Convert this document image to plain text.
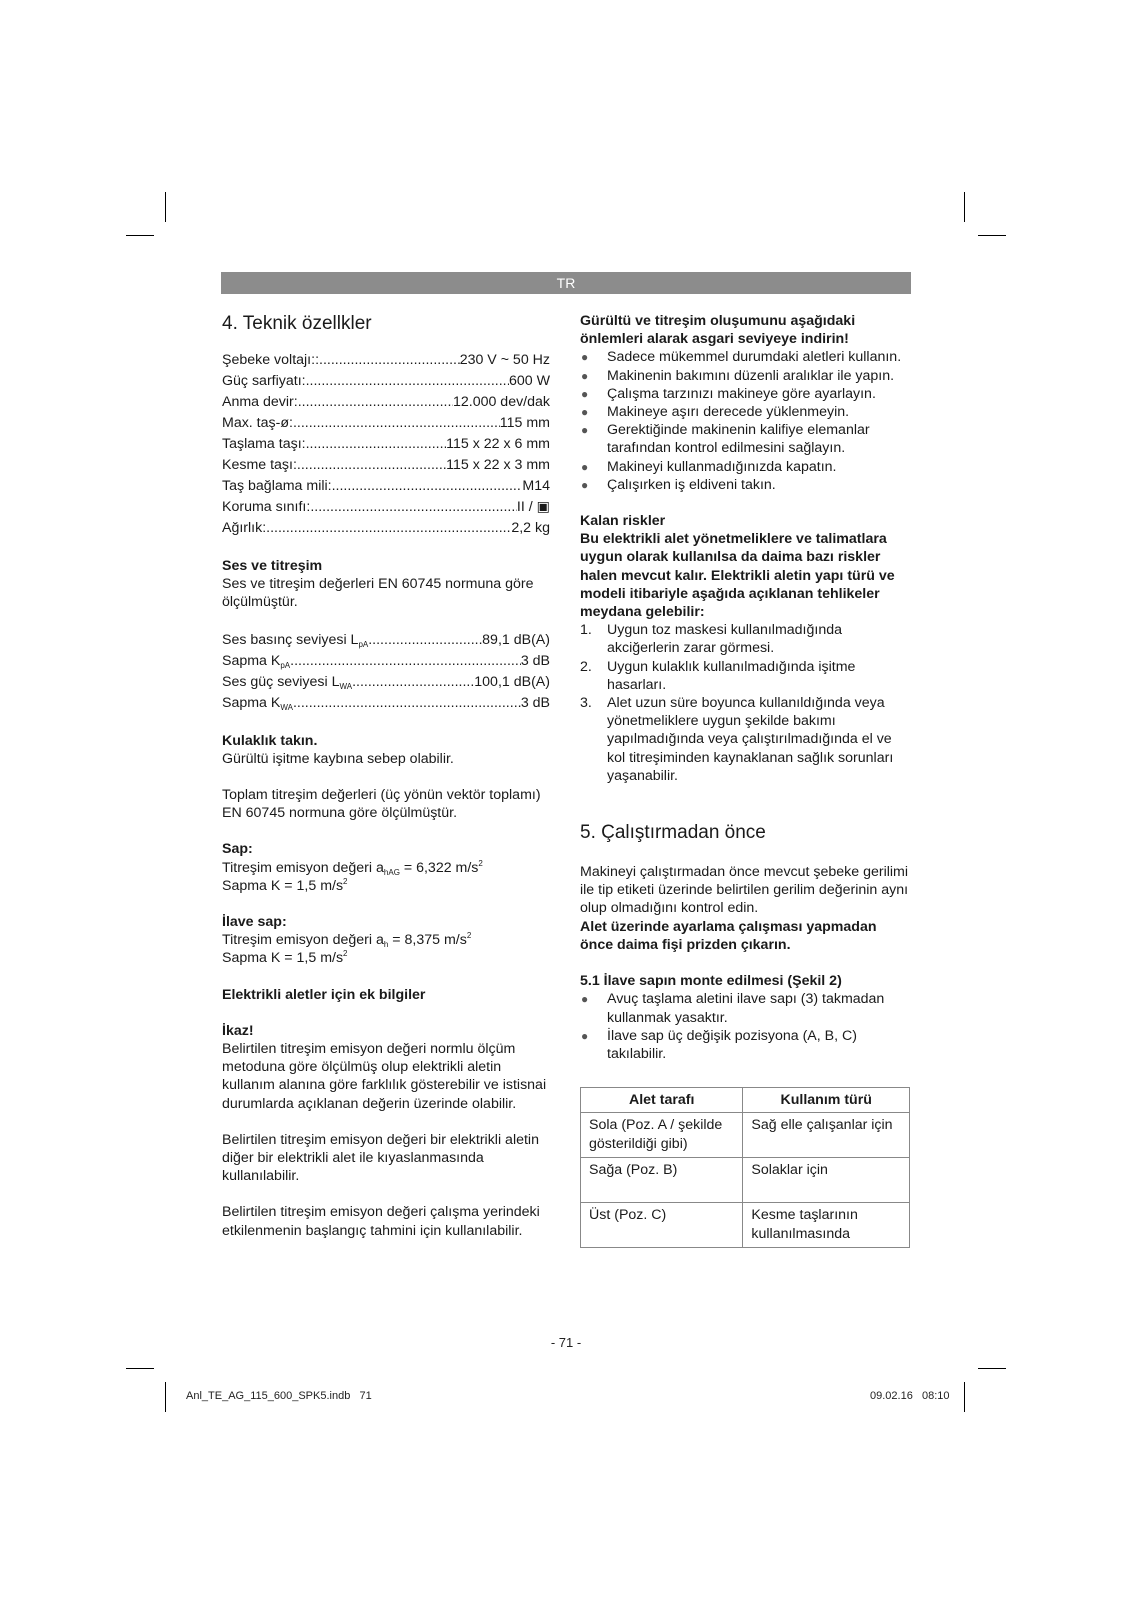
TR
4. Teknik özellkler
Şebeke voltajı:: .....	230 V ~ 50 Hz
Güç sarfiyatı: .....	600 W
Anma devir: .....	12.000 dev/dak
Max. taş-ø: .....	115 mm
Taşlama taşı: .....	115 x 22 x 6 mm
Kesme taşı: .....	115 x 22 x 3 mm
Taş bağlama mili: .....	M14
Koruma sınıfı: .....	II / ▣
Ağırlık: .....	2,2 kg

Ses ve titreşim

Ses ve titreşim değerleri EN 60745 normuna göre ölçülmüştür.

Ses basınç seviyesi $L_{pA}$ .....	89,1 dB(A)
Sapma $K_{pA}$ .....	3 dB
Ses güç seviyesi $L_{WA}$ .....	100,1 dB(A)
Sapma $K_{WA}$ .....	3 dB

Kulaklık takın.

Gürültü işitme kaybına sebep olabilir.

Toplam titreşim değerleri (üç yönün vektör toplamı) EN 60745 normuna göre ölçülmüştür.

Sap:

Titreşim emisyon değeri $a_{hAG} = 6,322$ $m/s^2$

Sapma K = 1,5 $m/s^2$

İlave sap:

Titreşim emisyon değeri $a_h = 8,375$ $m/s^2$

Sapma K = 1,5 $m/s^2$

Elektrikli aletler için ek bilgiler

İkaz!

Belirtilen titreşim emisyon değeri normlu ölçüm metoduna göre ölçülmüş olup elektrikli aletin kullanım alanına göre farklılık gösterebilir ve istisnai durumlarda açıklanan değerin üzerinde olabilir.

Belirtilen titreşim emisyon değeri bir elektrikli aletin diğer bir elektrikli alet ile kıyaslanmasında kullanılabilir.

Belirtilen titreşim emisyon değeri çalışma yerindeki etkilenmenin başlangıç tahmini için kullanılabilir.

Gürültü ve titreşim oluşumunu aşağıdaki önlemleri alarak asgari seviyeye indirin!

● Sadece mükemmel durumdaki aletleri kullanın.
● Makinenin bakımını düzenli aralıklar ile yapın.
● Çalışma tarzınızı makineye göre ayarlayın.
● Makineye aşırı derecede yüklenmeyin.
● Gerektiğinde makinenin kalifiye elemanlar tarafından kontrol edilmesini sağlayın.
● Makineyi kullanmadığınızda kapatın.
● Çalışırken iş eldiveni takın.

Kalan riskler

Bu elektrikli alet yönetmeliklere ve talimatlara uygun olarak kullanılsa da daima bazı riskler halen mevcut kalır. Elektrikli aletin yapı türü ve modeli itibariyle aşağıda açıklanan tehlikeler meydana gelebilir:

1. Uygun toz maskesi kullanılmadığında akciğerlerin zarar görmesi.
2. Uygun kulaklık kullanılmadığında işitme hasarları.
3. Alet uzun süre boyunca kullanıldığında veya yönetmeliklere uygun şekilde bakımı yapılmadığında veya çalıştırılmadığında el ve kol titreşiminden kaynaklanan sağlık sorunları yaşanabilir.
5. Çalıştırmadan önce

Makineyi çalıştırmadan önce mevcut şebeke gerilimi ile tip etiketi üzerinde belirtilen gerilim değerinin aynı olup olmadığını kontrol edin.

Alet üzerinde ayarlama çalışması yapmadan önce daima fişi prizden çıkarın.

5.1 İlave sapın monte edilmesi (Şekil 2)

● Avuç taşlama aletini ilave sapı (3) takmadan kullanmak yasaktır.
● İlave sap üç değişik pozisyona (A, B, C) takılabilir.
Alet tarafı	Kullanım türü
Sola (Poz. A / şekilde gösterildiği gibi)	Sağ elle çalışanlar için
Sağa (Poz. B)	Solaklar için
Üst (Poz. C)	Kesme taşlarının kullanılmasında
- 71 -
Anl_TE_AG_115_600_SPK5.indb   71	09.02.16   08:10
